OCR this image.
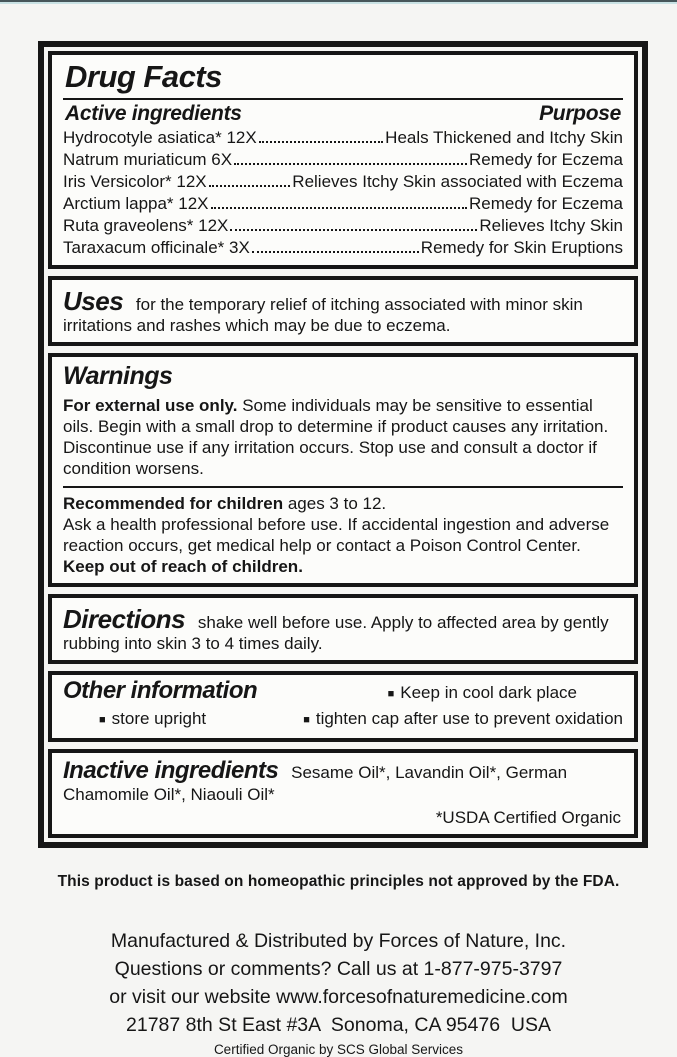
Drug Facts
Active ingredients	Purpose
Hydrocotyle asiatica* 12X	Heals Thickened and Itchy Skin
Natrum muriaticum 6X	Remedy for Eczema
Iris Versicolor* 12X	Relieves Itchy Skin associated with Eczema
Arctium lappa* 12X	Remedy for Eczema
Ruta graveolens* 12X	Relieves Itchy Skin
Taraxacum officinale* 3X	Remedy for Skin Eruptions

Uses for the temporary relief of itching associated with minor skin irritations and rashes which may be due to eczema.

Warnings

For external use only. Some individuals may be sensitive to essential oils. Begin with a small drop to determine if product causes any irritation. Discontinue use if any irritation occurs. Stop use and consult a doctor if condition worsens.

Recommended for children ages 3 to 12.

Ask a health professional before use. If accidental ingestion and adverse reaction occurs, get medical help or contact a Poison Control Center. Keep out of reach of children.

Directions shake well before use. Apply to affected area by gently rubbing into skin 3 to 4 times daily.

Other information	■ Keep in cool dark place
■ store upright	■ tighten cap after use to prevent oxidation

Inactive ingredients Sesame Oil*, Lavandin Oil*, German Chamomile Oil*, Niaouli Oil*

*USDA Certified Organic

This product is based on homeopathic principles not approved by the FDA.
Manufactured & Distributed by Forces of Nature, Inc.
Questions or comments? Call us at 1-877-975-3797
or visit our website www.forcesofnaturemedicine.com
21787 8th St East #3A  Sonoma, CA 95476  USA
Certified Organic by SCS Global Services
